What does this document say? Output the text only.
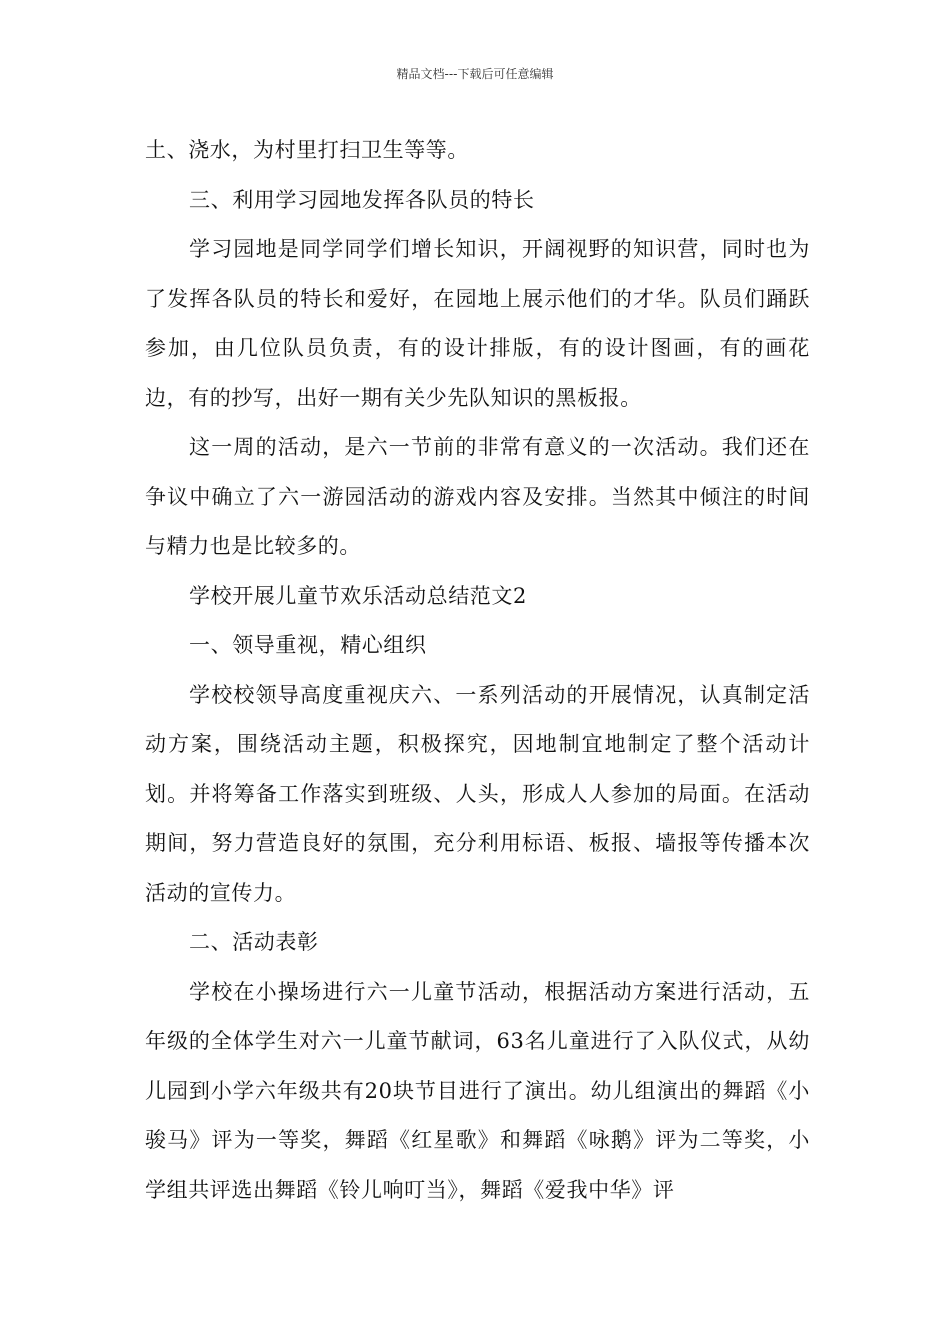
精品文档---下载后可任意编辑

土、浇水，为村里打扫卫生等等。

三、利用学习园地发挥各队员的特长

学习园地是同学同学们增长知识，开阔视野的知识营，同时也为了发挥各队员的特长和爱好，在园地上展示他们的才华。队员们踊跃参加，由几位队员负责，有的设计排版，有的设计图画，有的画花边，有的抄写，出好一期有关少先队知识的黑板报。

这一周的活动，是六一节前的非常有意义的一次活动。我们还在争议中确立了六一游园活动的游戏内容及安排。当然其中倾注的时间与精力也是比较多的。

学校开展儿童节欢乐活动总结范文2

一、领导重视，精心组织

学校校领导高度重视庆六、一系列活动的开展情况，认真制定活动方案，围绕活动主题，积极探究，因地制宜地制定了整个活动计划。并将筹备工作落实到班级、人头，形成人人参加的局面。在活动期间，努力营造良好的氛围，充分利用标语、板报、墙报等传播本次活动的宣传力。

二、活动表彰

学校在小操场进行六一儿童节活动，根据活动方案进行活动，五年级的全体学生对六一儿童节献词，63名儿童进行了入队仪式，从幼儿园到小学六年级共有20块节目进行了演出。幼儿组演出的舞蹈《小骏马》评为一等奖，舞蹈《红星歌》和舞蹈《咏鹅》评为二等奖，小学组共评选出舞蹈《铃儿响叮当》，舞蹈《爱我中华》评
